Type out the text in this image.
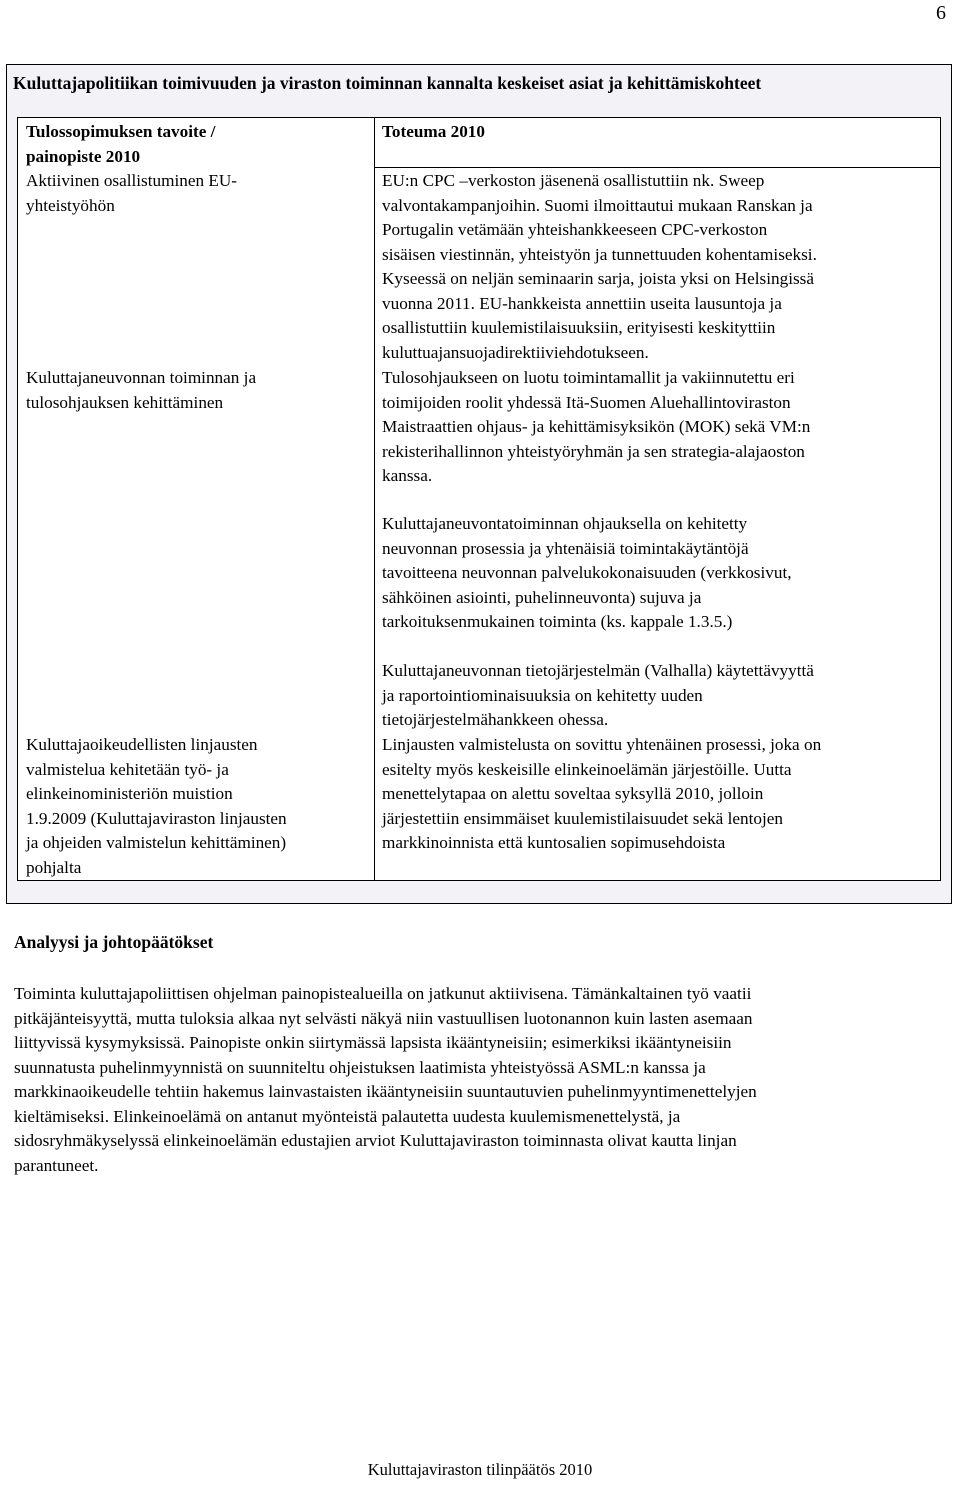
6
Kuluttajapolitiikan toimivuuden ja viraston toiminnan kannalta keskeiset asiat ja kehittämiskohteet
Tulossopimuksen tavoite /
painopiste 2010
Toteuma 2010
Aktiivinen osallistuminen EU-
yhteistyöhön
EU:n CPC –verkoston jäsenenä osallistuttiin nk. Sweep
valvontakampanjoihin. Suomi ilmoittautui mukaan Ranskan ja
Portugalin vetämään yhteishankkeeseen CPC-verkoston
sisäisen viestinnän, yhteistyön ja tunnettuuden kohentamiseksi.
Kyseessä on neljän seminaarin sarja, joista yksi on Helsingissä
vuonna 2011. EU-hankkeista annettiin useita lausuntoja ja
osallistuttiin kuulemistilaisuuksiin, erityisesti keskityttiin
kuluttuajansuojadirektiiviehdotukseen.
Kuluttajaneuvonnan toiminnan ja
tulosohjauksen kehittäminen
Tulosohjaukseen on luotu toimintamallit ja vakiinnutettu eri
toimijoiden roolit yhdessä Itä-Suomen Aluehallintoviraston
Maistraattien ohjaus- ja kehittämisyksikön (MOK) sekä VM:n
rekisterihallinnon yhteistyöryhmän ja sen strategia-alajaoston
kanssa.
Kuluttajaneuvontatoiminnan ohjauksella on kehitetty
neuvonnan prosessia ja yhtenäisiä toimintakäytäntöjä
tavoitteena neuvonnan palvelukokonaisuuden (verkkosivut,
sähköinen asiointi, puhelinneuvonta) sujuva ja
tarkoituksenmukainen toiminta (ks. kappale 1.3.5.)
Kuluttajaneuvonnan tietojärjestelmän (Valhalla) käytettävyyttä
ja raportointiominaisuuksia on kehitetty uuden
tietojärjestelmähankkeen ohessa.
Kuluttajaoikeudellisten linjausten
valmistelua kehitetään työ- ja
elinkeinoministeriön muistion
1.9.2009 (Kuluttajaviraston linjausten
ja ohjeiden valmistelun kehittäminen)
pohjalta
Linjausten valmistelusta on sovittu yhtenäinen prosessi, joka on
esitelty myös keskeisille elinkeinoelämän järjestöille. Uutta
menettelytapaa on alettu soveltaa syksyllä 2010, jolloin
järjestettiin ensimmäiset kuulemistilaisuudet sekä lentojen
markkinoinnista että kuntosalien sopimusehdoista
Analyysi ja johtopäätökset
Toiminta kuluttajapoliittisen ohjelman painopistealueilla on jatkunut aktiivisena. Tämänkaltainen työ vaatii
pitkäjänteisyyttä, mutta tuloksia alkaa nyt selvästi näkyä niin vastuullisen luotonannon kuin lasten asemaan
liittyvissä kysymyksissä. Painopiste onkin siirtymässä lapsista ikääntyneisiin; esimerkiksi ikääntyneisiin
suunnatusta puhelinmyynnistä on suunniteltu ohjeistuksen laatimista yhteistyössä ASML:n kanssa ja
markkinaoikeudelle tehtiin hakemus lainvastaisten ikääntyneisiin suuntautuvien puhelinmyyntimenettelyjen
kieltämiseksi. Elinkeinoelämä on antanut myönteistä palautetta uudesta kuulemismenettelystä, ja
sidosryhmäkyselyssä elinkeinoelämän edustajien arviot Kuluttajaviraston toiminnasta olivat kautta linjan
parantuneet.
Kuluttajaviraston tilinpäätös 2010
